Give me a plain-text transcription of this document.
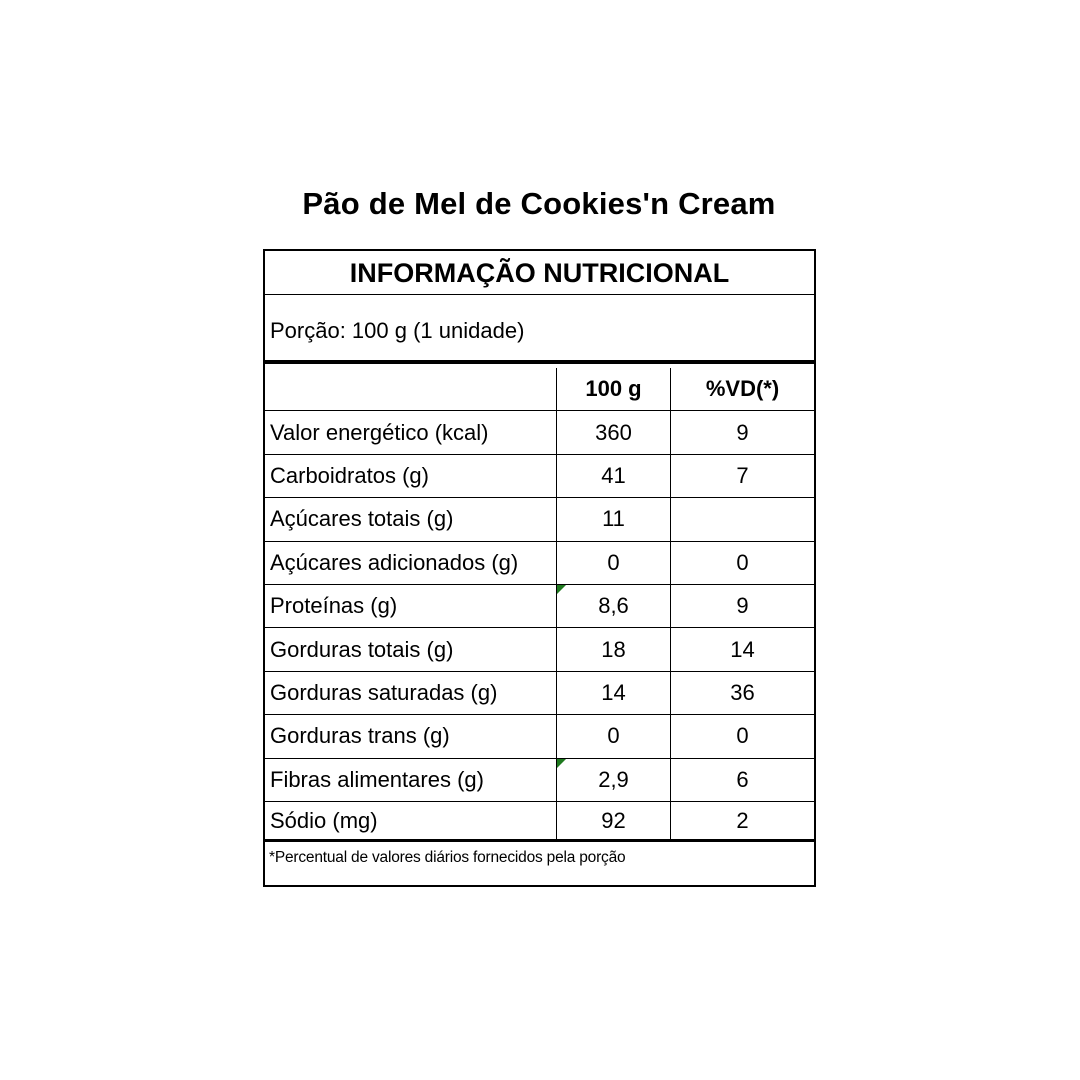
Pão de Mel de Cookies'n Cream
INFORMAÇÃO NUTRICIONAL
Porção: 100 g (1 unidade)
100 g	%VD(*)
Valor energético (kcal)	360	9
Carboidratos (g)	41	7
Açúcares totais (g)	11
Açúcares adicionados (g)	0	0
Proteínas (g)	8,6	9
Gorduras totais (g)	18	14
Gorduras saturadas (g)	14	36
Gorduras trans (g)	0	0
Fibras alimentares (g)	2,9	6
Sódio (mg)	92	2
*Percentual de valores diários fornecidos pela porção
